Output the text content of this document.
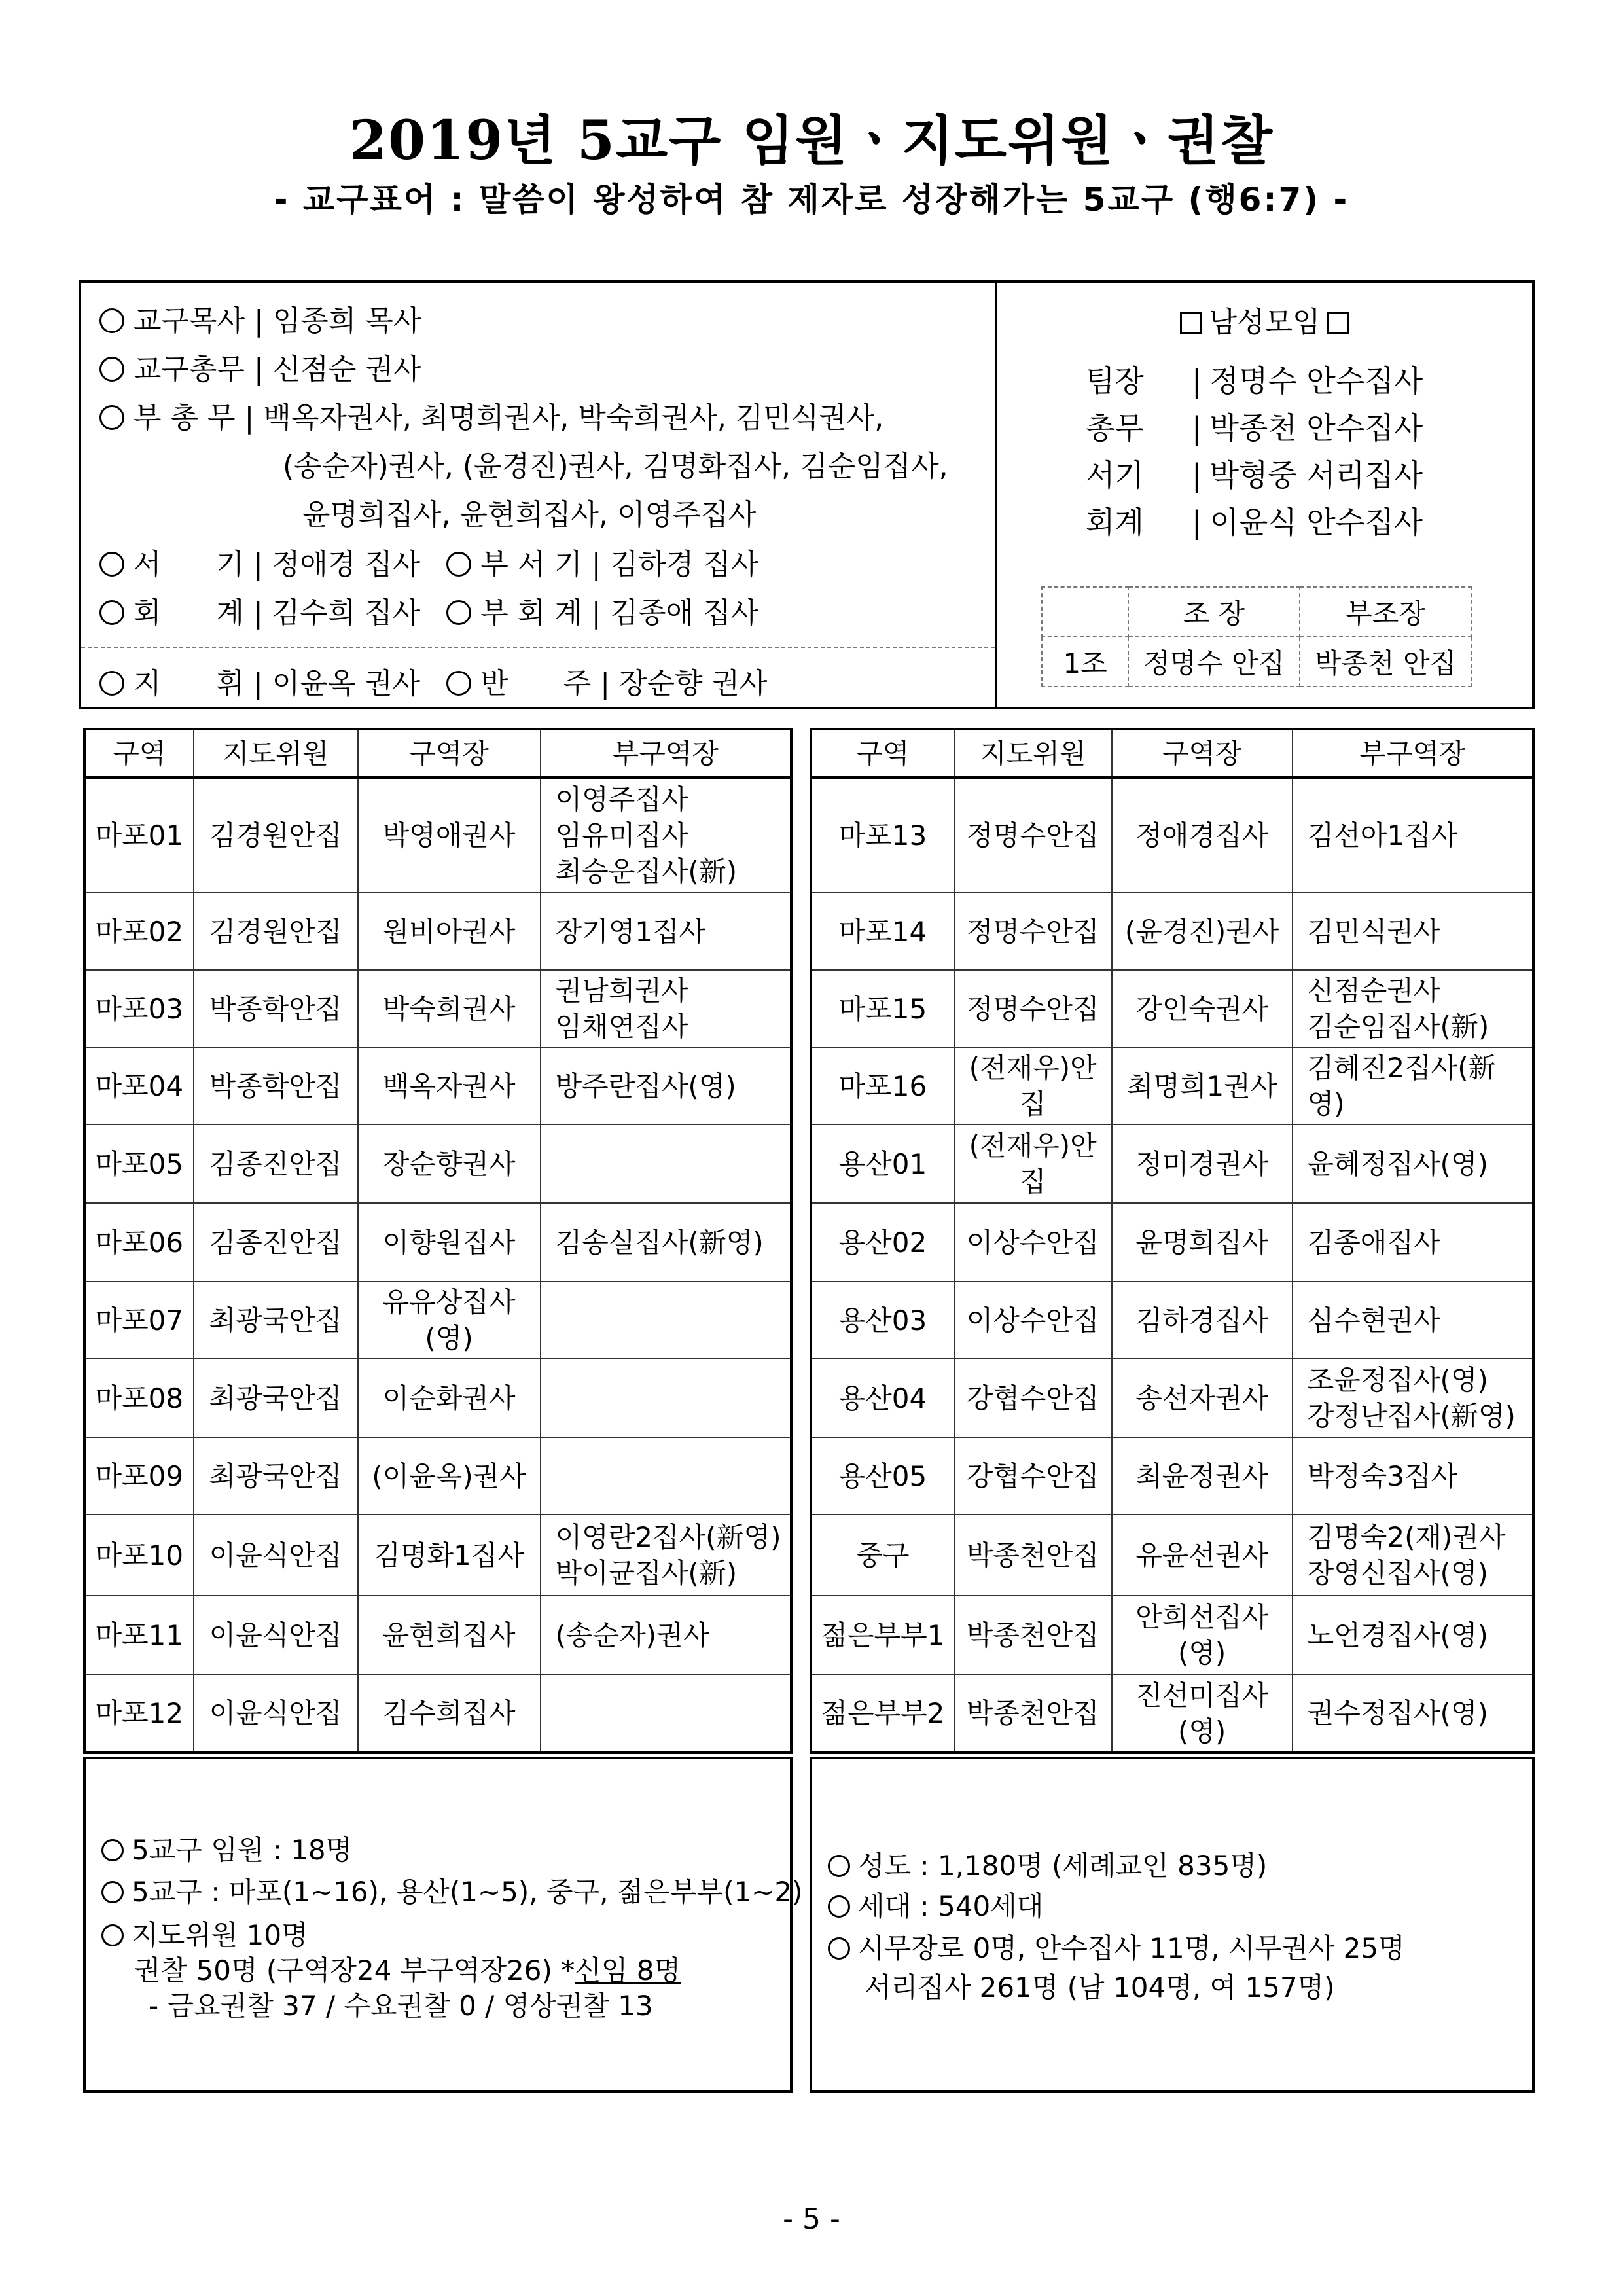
2019년 5교구 임원ㆍ지도위원ㆍ권찰
- 교구표어 : 말씀이 왕성하여 참 제자로 성장해가는 5교구 (행6:7) -
교구목사 | 임종희 목사
교구총무 | 신점순 권사
부 총 무 | 백옥자권사, 최명희권사, 박숙희권사, 김민식권사,
(송순자)권사, (윤경진)권사, 김명화집사, 김순임집사,
윤명희집사, 윤현희집사, 이영주집사
서      기 | 정애경 집사 부 서 기 | 김하경 집사
회      계 | 김수희 집사 부 회 계 | 김종애 집사
지      휘 | 이윤옥 권사 반      주 | 장순향 권사
남성모임
팀장 | 정명수 안수집사
총무 | 박종천 안수집사
서기 | 박형중 서리집사
회계 | 이윤식 안수집사
	조 장	부조장
1조	정명수 안집	박종천 안집
구역	지도위원	구역장	부구역장
마포01	김경원안집	박영애권사	이영주집사
임유미집사
최승운집사(新)

마포02	김경원안집	원비아권사	장기영1집사

마포03	박종학안집	박숙희권사	권남희권사
임채연집사

마포04	박종학안집	백옥자권사	방주란집사(영)

마포05	김종진안집	장순향권사	
마포06	김종진안집	이향원집사	김송실집사(新영)

마포07	최광국안집	유유상집사(영)	
마포08	최광국안집	이순화권사	
마포09	최광국안집	(이윤옥)권사	
마포10	이윤식안집	김명화1집사	이영란2집사(新영)
박이균집사(新)

마포11	이윤식안집	윤현희집사	(송순자)권사

마포12	이윤식안집	김수희집사	
구역	지도위원	구역장	부구역장
마포13	정명수안집	정애경집사	김선아1집사

마포14	정명수안집	(윤경진)권사	김민식권사

마포15	정명수안집	강인숙권사	신점순권사
김순임집사(新)

마포16	(전재우)안집	최명희1권사	김혜진2집사(新영)

용산01	(전재우)안집	정미경권사	윤혜정집사(영)

용산02	이상수안집	윤명희집사	김종애집사

용산03	이상수안집	김하경집사	심수현권사

용산04	강협수안집	송선자권사	조윤정집사(영)
강정난집사(新영)

용산05	강협수안집	최윤정권사	박정숙3집사

중구	박종천안집	유윤선권사	김명숙2(재)권사
장영신집사(영)

젊은부부1	박종천안집	안희선집사(영)	노언경집사(영)

젊은부부2	박종천안집	진선미집사(영)	권수정집사(영)
5교구 임원 : 18명
5교구 : 마포(1~16), 용산(1~5), 중구, 젊은부부(1~2)
지도위원 10명
권찰 50명 (구역장24 부구역장26) *신임 8명
- 금요권찰 37 / 수요권찰 0 / 영상권찰 13
성도 : 1,180명 (세례교인 835명)
세대 : 540세대
시무장로 0명, 안수집사 11명, 시무권사 25명
서리집사 261명 (남 104명, 여 157명)
- 5 -
